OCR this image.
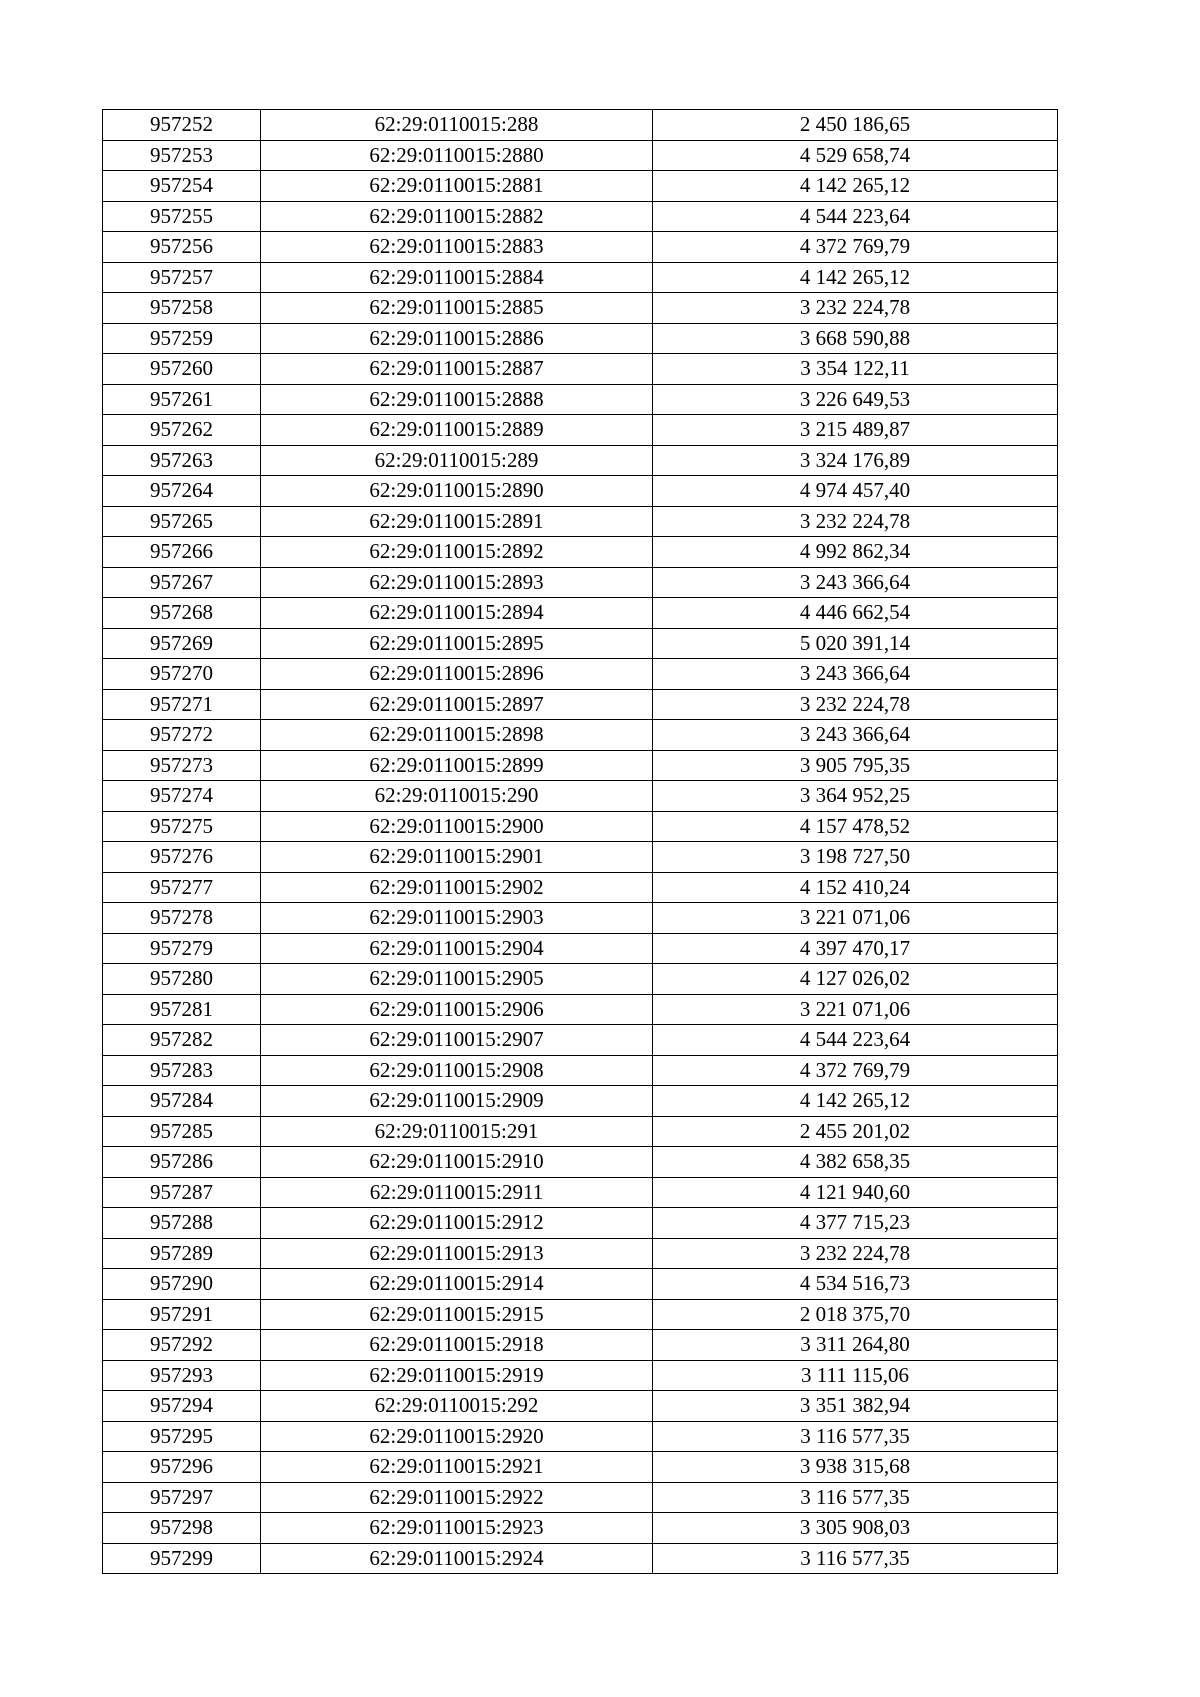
957252	62:29:0110015:288	2 450 186,65
957253	62:29:0110015:2880	4 529 658,74
957254	62:29:0110015:2881	4 142 265,12
957255	62:29:0110015:2882	4 544 223,64
957256	62:29:0110015:2883	4 372 769,79
957257	62:29:0110015:2884	4 142 265,12
957258	62:29:0110015:2885	3 232 224,78
957259	62:29:0110015:2886	3 668 590,88
957260	62:29:0110015:2887	3 354 122,11
957261	62:29:0110015:2888	3 226 649,53
957262	62:29:0110015:2889	3 215 489,87
957263	62:29:0110015:289	3 324 176,89
957264	62:29:0110015:2890	4 974 457,40
957265	62:29:0110015:2891	3 232 224,78
957266	62:29:0110015:2892	4 992 862,34
957267	62:29:0110015:2893	3 243 366,64
957268	62:29:0110015:2894	4 446 662,54
957269	62:29:0110015:2895	5 020 391,14
957270	62:29:0110015:2896	3 243 366,64
957271	62:29:0110015:2897	3 232 224,78
957272	62:29:0110015:2898	3 243 366,64
957273	62:29:0110015:2899	3 905 795,35
957274	62:29:0110015:290	3 364 952,25
957275	62:29:0110015:2900	4 157 478,52
957276	62:29:0110015:2901	3 198 727,50
957277	62:29:0110015:2902	4 152 410,24
957278	62:29:0110015:2903	3 221 071,06
957279	62:29:0110015:2904	4 397 470,17
957280	62:29:0110015:2905	4 127 026,02
957281	62:29:0110015:2906	3 221 071,06
957282	62:29:0110015:2907	4 544 223,64
957283	62:29:0110015:2908	4 372 769,79
957284	62:29:0110015:2909	4 142 265,12
957285	62:29:0110015:291	2 455 201,02
957286	62:29:0110015:2910	4 382 658,35
957287	62:29:0110015:2911	4 121 940,60
957288	62:29:0110015:2912	4 377 715,23
957289	62:29:0110015:2913	3 232 224,78
957290	62:29:0110015:2914	4 534 516,73
957291	62:29:0110015:2915	2 018 375,70
957292	62:29:0110015:2918	3 311 264,80
957293	62:29:0110015:2919	3 111 115,06
957294	62:29:0110015:292	3 351 382,94
957295	62:29:0110015:2920	3 116 577,35
957296	62:29:0110015:2921	3 938 315,68
957297	62:29:0110015:2922	3 116 577,35
957298	62:29:0110015:2923	3 305 908,03
957299	62:29:0110015:2924	3 116 577,35
